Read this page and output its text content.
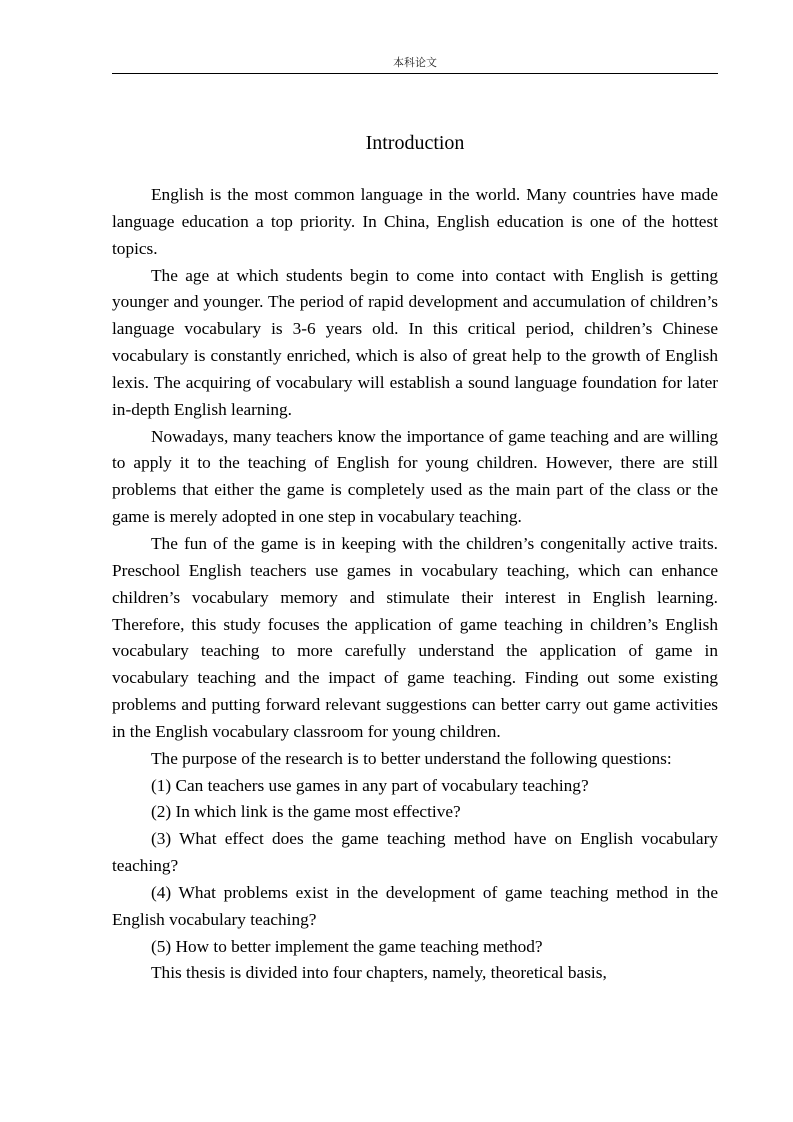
本科论文
Introduction

English is the most common language in the world. Many countries have made language education a top priority. In China, English education is one of the hottest topics.

The age at which students begin to come into contact with English is getting younger and younger. The period of rapid development and accumulation of children’s language vocabulary is 3-6 years old. In this critical period, children’s Chinese vocabulary is constantly enriched, which is also of great help to the growth of English lexis. The acquiring of vocabulary will establish a sound language foundation for later in-depth English learning.

Nowadays, many teachers know the importance of game teaching and are willing to apply it to the teaching of English for young children. However, there are still problems that either the game is completely used as the main part of the class or the game is merely adopted in one step in vocabulary teaching.

The fun of the game is in keeping with the children’s congenitally active traits. Preschool English teachers use games in vocabulary teaching, which can enhance children’s vocabulary memory and stimulate their interest in English learning. Therefore, this study focuses the application of game teaching in children’s English vocabulary teaching to more carefully understand the application of game in vocabulary teaching and the impact of game teaching. Finding out some existing problems and putting forward relevant suggestions can better carry out game activities in the English vocabulary classroom for young children.

The purpose of the research is to better understand the following questions:

(1) Can teachers use games in any part of vocabulary teaching?

(2) In which link is the game most effective?

(3) What effect does the game teaching method have on English vocabulary teaching?

(4) What problems exist in the development of game teaching method in the English vocabulary teaching?

(5) How to better implement the game teaching method?

This thesis is divided into four chapters, namely, theoretical basis,
